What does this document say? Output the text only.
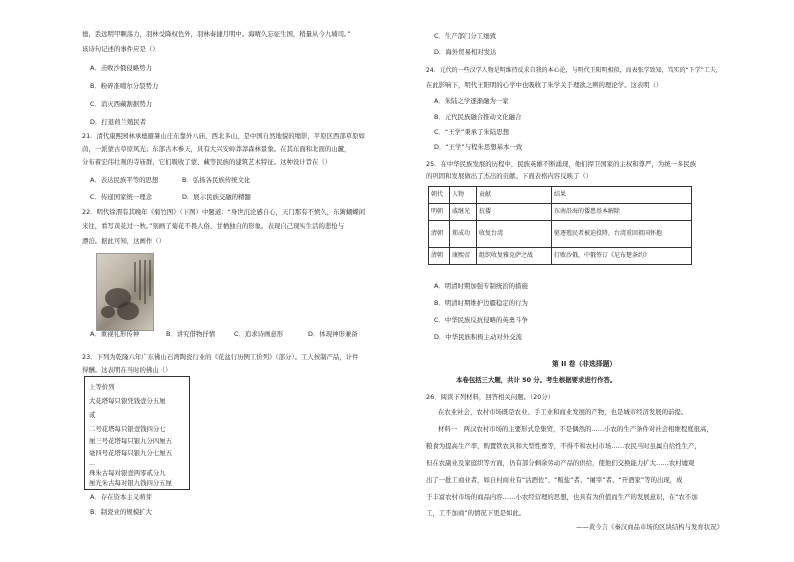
德，丢远明甲颗荡力，羽林受降权色外，羽林奏捷月明中。海晴久忘征生国，稍量从今九墙司。”
该诗句记述的事件应是（）
A．击败沙俄侵略势力
B．粉碎准噶尔分裂势力
C．消灭西藏割据势力
D．打退荷兰殖民者
21．清代康熙园林承德避暑山庄东靠外八庙，西北多山，是中国自然地貌的缩影，平原区西部草原如
茵，一派蒙古草原风光；东部古木参天，具有大兴安岭莽莽森林景象。在其东面和北面的山麓，
分布着宏伟壮观的寺庙群，它们吸收了蒙、藏等民族的建筑艺术特征。这种设计旨在（）
A．表达民族平等的思想	B．弘扬各民族传统文化
C．传递国家统一理念	D．展示民族交融的精髓
22．明代徐渭有其晚年《菊竹图》（下图）中题道：“身世沉沦感自心，天门那有不愤久，东篱蝴蝶闲
来往，看写黄花过一秋。”刻画了菊花不畏人俗、甘栖独自的形象。表现自己现实生活的悲怆与
漂泊。据此可知，这画作（）
A．重视礼形传神	B．讲究借物抒情	C．追求诗画意形	D．体现神形兼备
23．下列为乾隆六年广东佛山石湾陶瓷行业的《花盆行历例工价列》（部分）。工人按制产品，计件
得酬。这表明在当时的佛山（）
上等价列
大花塔每只银凭钱壹分五厘
贰
二号花塔每只银壹钱四分七
厘三号花塔每只银九分四厘五
毫四号花塔每只银九分七厘五
...
珠朱古每对银壹两零贰分九
厘光朱古每对银九钱四分五厘
A．存在资本主义萌芽
B．制瓷业的规模扩大
C．生产部门分工细致
D．海外贸易相对发达
24．元代的一些汉学人物是明维持反求自我的本心论，与明代王阳明相似，而表张学致知，笃实的“下学”工夫，
在此影响下，明代王阳明的心学中也吸收了朱学关于理欲之辨的理论学。这表明（）
A．朱陆之学逐渐融为一家
B．元代民族融合推动文化融合
C．“王学”秉承了朱陆思想
D．“王学”与程朱思想基本一致
25．在中华民族发展的历程中，民族英雄不断涌现，他们捍卫国家的主权和尊严，为统一多民族
的巩固和发展做出了杰出的贡献。下面表格内容反映了（）
朝代	人物	贡献	结果
明朝	戚继光	抗倭	东南沿海的倭患基本解除
清朝	郑成功	收复台湾	驱逐殖民者被迫投降，台湾重回祖国怀抱
清朝	康熙帝	组织收复雅克萨之战	打败沙俄，中俄签订《尼布楚条约》
A．明清时期加强专制统治的措施
B．明清时期维护边疆稳定的行为
C．中华民族反抗侵略的英勇斗争
D．中华民族积极主动对外交流
第 II 卷（非选择题）
本卷包括三大题，共计 50 分。考生根据要求进行作答。
26．阅读下列材料，回答相关问题。（20分）
在农业社会，农村市场既是农业、手工业和商业发展的产物，也是城市经济发展的前提。
材料一　两汉农村市场的主要形式是集贸，不是偶然的……小农的生产条件对社会相维程度很高，
粮食为提高生产率，购置铁农具和大型性畜等，不得不和农村市场……农民当时虽属自给性生产，
但在农副业及家庭织等方面，仍有部分剩余劳动产品的供给，使他们交换能力扩大……农村墟观
出了一批工商业者，如自村商业有“沽酒佐”、“贩盐”者、“屠宰”者、“开酒家”等的出现，成
于丰富农村市场的商品内容……小农经营理的思想，也具有为价值而生产的发展意识，在“农不加
工，工不加商”的情况下更是如此。
——黄今言《秦汉商品市场的区块结构与发育状况》
